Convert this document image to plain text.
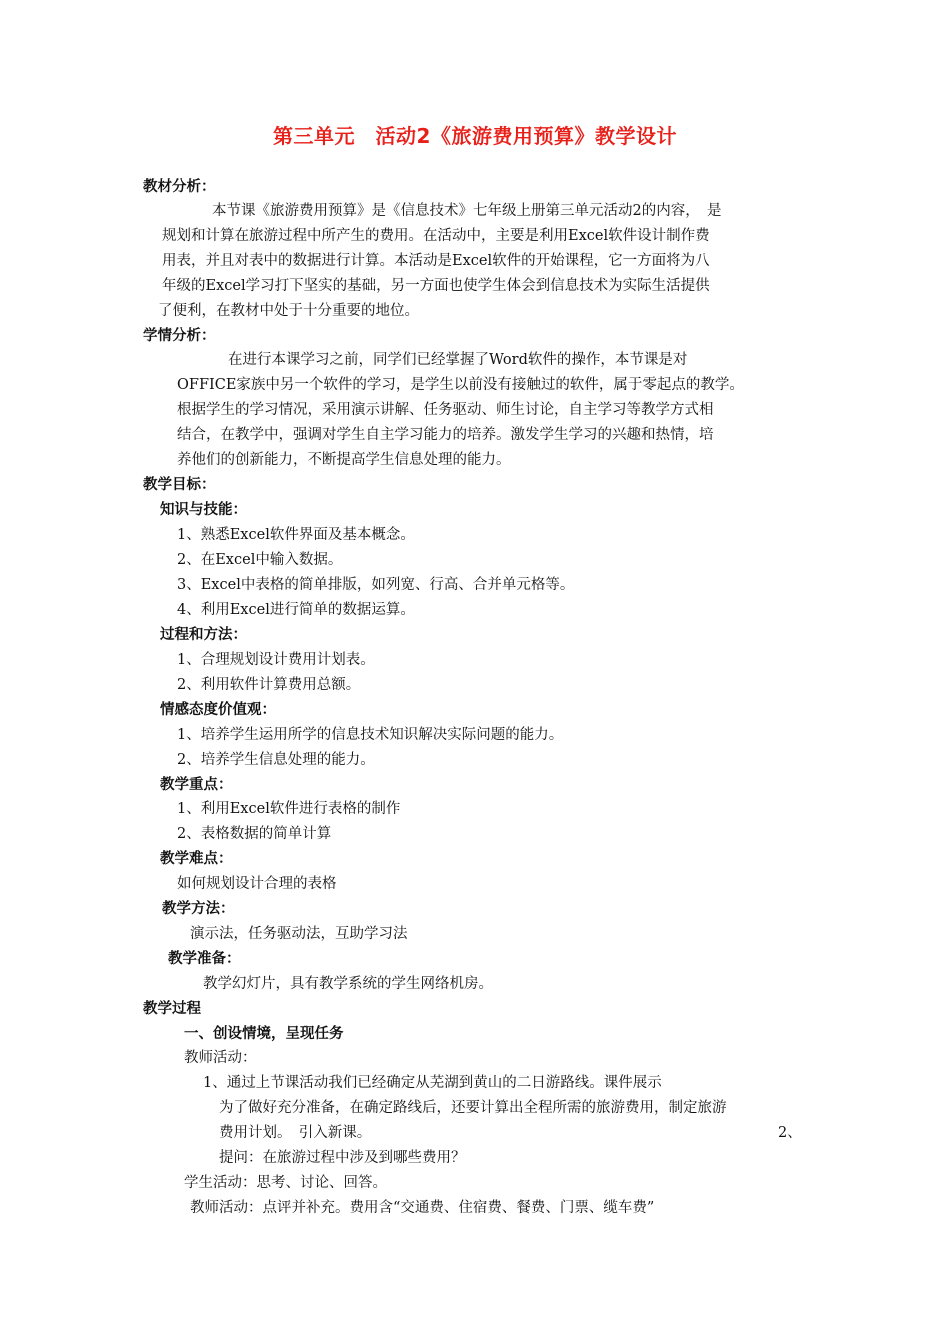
第三单元　活动2《旅游费用预算》教学设计
教材分析：
本节课《旅游费用预算》是《信息技术》七年级上册第三单元活动2的内容，　是
规划和计算在旅游过程中所产生的费用。在活动中，主要是利用Excel软件设计制作费
用表，并且对表中的数据进行计算。本活动是Excel软件的开始课程，它一方面将为八
年级的Excel学习打下坚实的基础，另一方面也使学生体会到信息技术为实际生活提供
了便利，在教材中处于十分重要的地位。
学情分析：
在进行本课学习之前，同学们已经掌握了Word软件的操作，本节课是对
OFFICE家族中另一个软件的学习，是学生以前没有接触过的软件，属于零起点的教学。
根据学生的学习情况，采用演示讲解、任务驱动、师生讨论，自主学习等教学方式相
结合，在教学中，强调对学生自主学习能力的培养。激发学生学习的兴趣和热情，培
养他们的创新能力，不断提高学生信息处理的能力。
教学目标：
知识与技能：
1、熟悉Excel软件界面及基本概念。
2、在Excel中输入数据。
3、Excel中表格的简单排版，如列宽、行高、合并单元格等。
4、利用Excel进行简单的数据运算。
过程和方法：
1、合理规划设计费用计划表。
2、利用软件计算费用总额。
情感态度价值观：
1、培养学生运用所学的信息技术知识解决实际问题的能力。
2、培养学生信息处理的能力。
教学重点：
1、利用Excel软件进行表格的制作
2、表格数据的简单计算
教学难点：
如何规划设计合理的表格
教学方法：
演示法，任务驱动法，互助学习法
教学准备：
教学幻灯片，具有教学系统的学生网络机房。
教学过程
一、创设情境，呈现任务
教师活动：
1、通过上节课活动我们已经确定从芜湖到黄山的二日游路线。课件展示
为了做好充分准备，在确定路线后，还要计算出全程所需的旅游费用，制定旅游
费用计划。　引入新课。	2、
提问：在旅游过程中涉及到哪些费用？
学生活动：思考、讨论、回答。
教师活动：点评并补充。费用含“交通费、住宿费、餐费、门票、缆车费”
